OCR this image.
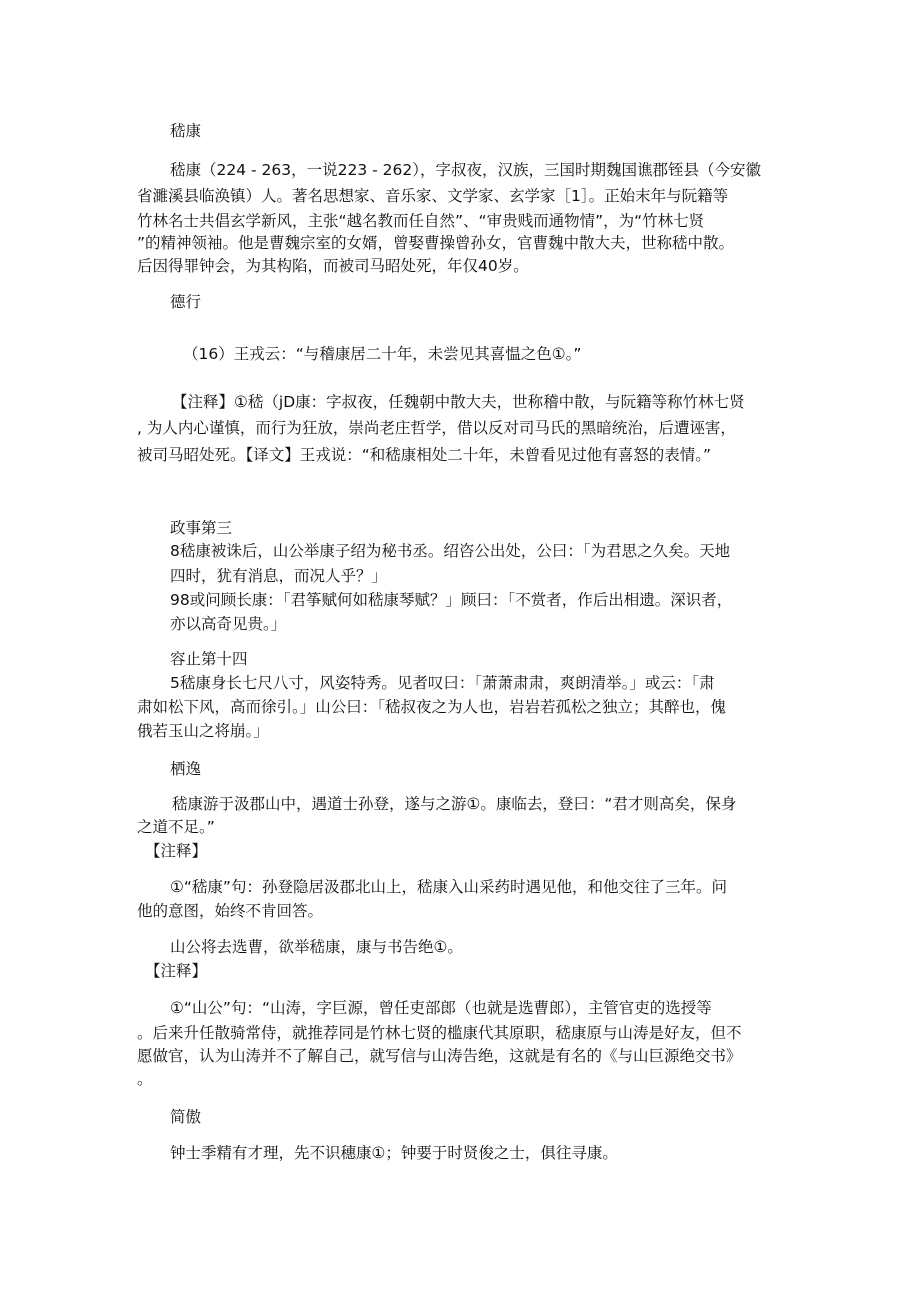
嵇康
嵇康（224 - 263，一说223 - 262），字叔夜，汉族，三国时期魏国谯郡铚县（今安徽
省濉溪县临涣镇）人。著名思想家、音乐家、文学家、玄学家［1］。正始末年与阮籍等
竹林名士共倡玄学新风，主张“越名教而任自然”、“审贵贱而通物情”，为“竹林七贤
”的精神领袖。他是曹魏宗室的女婿，曾娶曹操曾孙女，官曹魏中散大夫，世称嵇中散。
后因得罪钟会，为其构陷，而被司马昭处死，年仅40岁。
德行
（16）王戎云：“与稽康居二十年，未尝见其喜愠之色①。”
【注释】①嵇（jD康：字叔夜，任魏朝中散大夫，世称稽中散，与阮籍等称竹林七贤
, 为人内心谨慎，而行为狂放，崇尚老庄哲学，借以反对司马氏的黑暗统治，后遭诬害，
被司马昭处死。【译文】王戎说：“和嵇康相处二十年，未曾看见过他有喜怒的表情。”
政事第三
8嵇康被诛后，山公举康子绍为秘书丞。绍咨公出处，公曰：「为君思之久矣。天地
四时，犹有消息，而况人乎？」
98或问顾长康：「君筝赋何如嵇康琴赋？」顾曰：「不赏者，作后出相遗。深识者，
亦以高奇见贵。」
容止第十四
5嵇康身长七尺八寸，风姿特秀。见者叹曰：「萧萧肃肃，爽朗清举。」或云：「肃
肃如松下风，高而徐引。」山公曰：「嵇叔夜之为人也，岩岩若孤松之独立；其醉也，傀
俄若玉山之将崩。」
栖逸
嵇康游于汲郡山中，遇道士孙登，遂与之游①。康临去，登曰：“君才则高矣，保身
之道不足。”
【注释】
①“嵇康”句：孙登隐居汲郡北山上，嵇康入山采药时遇见他，和他交往了三年。问
他的意图，始终不肯回答。
山公将去选曹，欲举嵇康，康与书告绝①。
【注释】
①“山公”句：“山涛，字巨源，曾任吏部郎（也就是选曹郎），主管官吏的选授等
。后来升任散骑常侍，就推荐同是竹林七贤的槛康代其原职，嵇康原与山涛是好友，但不
愿做官，认为山涛并不了解自己，就写信与山涛告绝，这就是有名的《与山巨源绝交书》
。
简傲
钟士季精有才理，先不识穗康①；钟要于时贤俊之士，俱往寻康。
